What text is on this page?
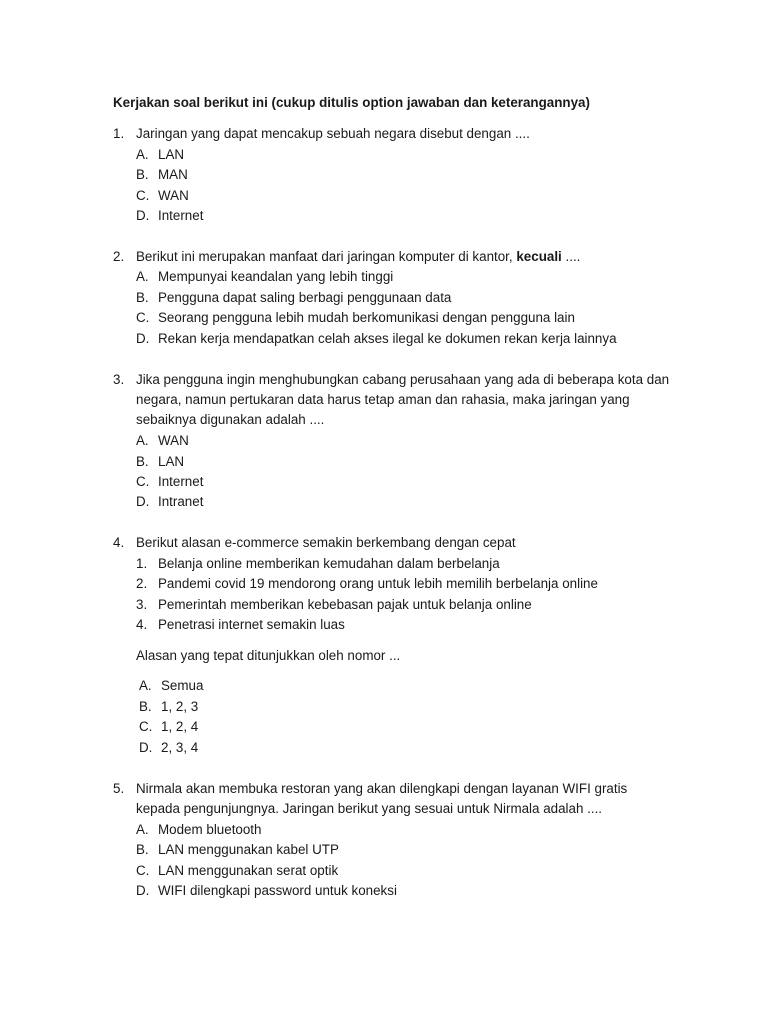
Kerjakan soal berikut ini (cukup ditulis option jawaban dan keterangannya)
1. Jaringan yang dapat mencakup sebuah negara disebut dengan ....
A. LAN
B. MAN
C. WAN
D. Internet
2. Berikut ini merupakan manfaat dari jaringan komputer di kantor, kecuali ....
A. Mempunyai keandalan yang lebih tinggi
B. Pengguna dapat saling berbagi penggunaan data
C. Seorang pengguna lebih mudah berkomunikasi dengan pengguna lain
D. Rekan kerja mendapatkan celah akses ilegal ke dokumen rekan kerja lainnya
3. Jika pengguna ingin menghubungkan cabang perusahaan yang ada di beberapa kota dan
negara, namun pertukaran data harus tetap aman dan rahasia, maka jaringan yang
sebaiknya digunakan adalah ....
A. WAN
B. LAN
C. Internet
D. Intranet
4. Berikut alasan e-commerce semakin berkembang dengan cepat
1. Belanja online memberikan kemudahan dalam berbelanja
2. Pandemi covid 19 mendorong orang untuk lebih memilih berbelanja online
3. Pemerintah memberikan kebebasan pajak untuk belanja online
4. Penetrasi internet semakin luas
Alasan yang tepat ditunjukkan oleh nomor ...
A. Semua
B. 1, 2, 3
C. 1, 2, 4
D. 2, 3, 4
5. Nirmala akan membuka restoran yang akan dilengkapi dengan layanan WIFI gratis
kepada pengunjungnya. Jaringan berikut yang sesuai untuk Nirmala adalah ....
A. Modem bluetooth
B. LAN menggunakan kabel UTP
C. LAN menggunakan serat optik
D. WIFI dilengkapi password untuk koneksi
